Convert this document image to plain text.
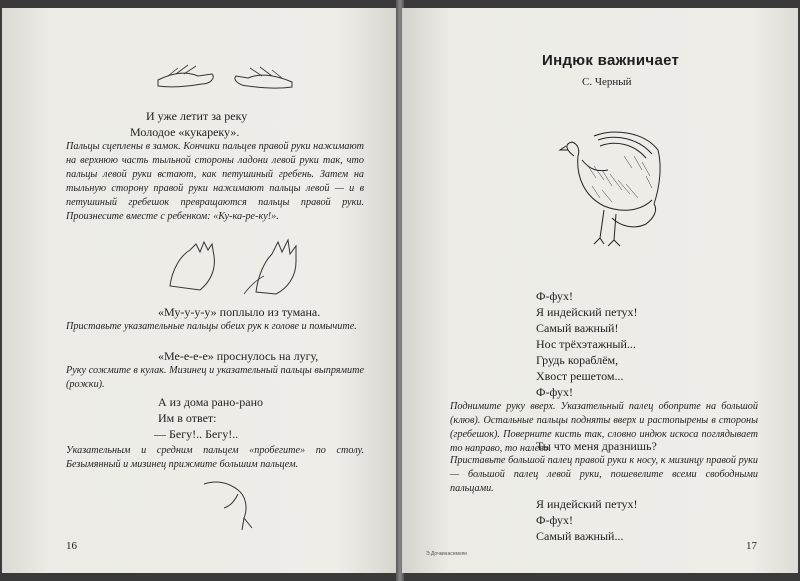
И уже летит за реку
Молодое «кукареку».
Пальцы сцеплены в замок. Кончики пальцев правой руки нажимают на верхнюю часть тыльной стороны ладони левой руки так, что пальцы левой руки встают, как петушиный гребень. Затем на тыльную сторону правой руки нажимают пальцы левой — и в петушиный гребешок превращаются пальцы правой руки. Произнесите вместе с ребенком: «Ку-ка-ре-ку!».
«Му-у-у-у» поплыло из тумана.
Приставьте указательные пальцы обеих рук к голове и помычите.
«Ме-е-е-е» проснулось на лугу,
Руку сожмите в кулак. Мизинец и указательный пальцы выпрямите (рожки).
А из дома рано-рано
Им в ответ:
— Бегу!.. Бегу!..
Указательным и средним пальцем «пробегите» по столу. Безымянный и мизинец прижмите большим пальцем.
16
Индюк важничает
С. Черный
Ф-фух!
Я индейский петух!
Самый важный!
Нос трёхэтажный...
Грудь кораблём,
Хвост решетом...
Ф-фух!
Поднимите руку вверх. Указательный палец обоприте на большой (клюв). Остальные пальцы подняты вверх и растопырены в стороны (гребешок). Поверните кисть так, словно индюк искоса поглядывает то направо, то налево.
Ты что меня дразнишь?
Приставьте большой палец правой руки к носу, к мизинцу правой руки — большой палец левой руки, пошевелите всеми свободными пальцами.
Я индейский петух!
Ф-фух!
Самый важный...
Э.Дочкинасемеян
17
